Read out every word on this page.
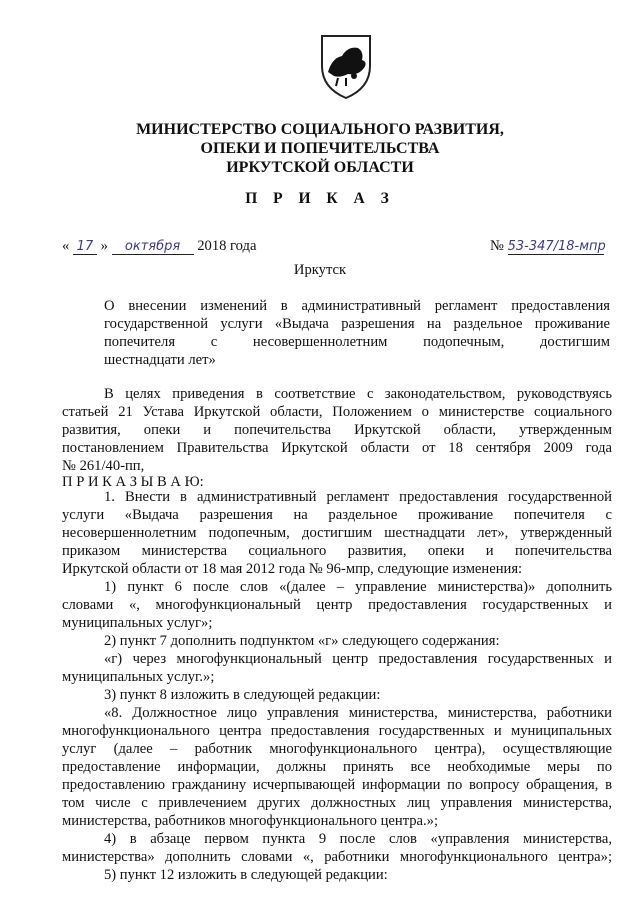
МИНИСТЕРСТВО СОЦИАЛЬНОГО РАЗВИТИЯ,
ОПЕКИ И ПОПЕЧИТЕЛЬСТВА
ИРКУТСКОЙ ОБЛАСТИ
П Р И К А З
« 17 » октября 2018 года	№ 53-347/18-мпр
Иркутск
О внесении изменений в административный регламент предоставления
государственной услуги «Выдача разрешения на раздельное проживание
попечителя с несовершеннолетним подопечным, достигшим
шестнадцати лет»
В целях приведения в соответствие с законодательством, руководствуясь
статьей 21 Устава Иркутской области, Положением о министерстве социального
развития, опеки и попечительства Иркутской области, утвержденным
постановлением Правительства Иркутской области от 18 сентября 2009 года
№ 261/40-пп,
П Р И К А З Ы В А Ю:
1. Внести в административный регламент предоставления государственной
услуги «Выдача разрешения на раздельное проживание попечителя с
несовершеннолетним подопечным, достигшим шестнадцати лет», утвержденный
приказом министерства социального развития, опеки и попечительства
Иркутской области от 18 мая 2012 года № 96-мпр, следующие изменения:
1) пункт 6 после слов «(далее – управление министерства)» дополнить
словами «, многофункциональный центр предоставления государственных и
муниципальных услуг»;
2) пункт 7 дополнить подпунктом «г» следующего содержания:
«г) через многофункциональный центр предоставления государственных и
муниципальных услуг.»;
3) пункт 8 изложить в следующей редакции:
«8. Должностное лицо управления министерства, министерства, работники
многофункционального центра предоставления государственных и муниципальных
услуг (далее – работник многофункционального центра), осуществляющие
предоставление информации, должны принять все необходимые меры по
предоставлению гражданину исчерпывающей информации по вопросу обращения, в
том числе с привлечением других должностных лиц управления министерства,
министерства, работников многофункционального центра.»;
4) в абзаце первом пункта 9 после слов «управления министерства,
министерства» дополнить словами «, работники многофункционального центра»;
5) пункт 12 изложить в следующей редакции:
